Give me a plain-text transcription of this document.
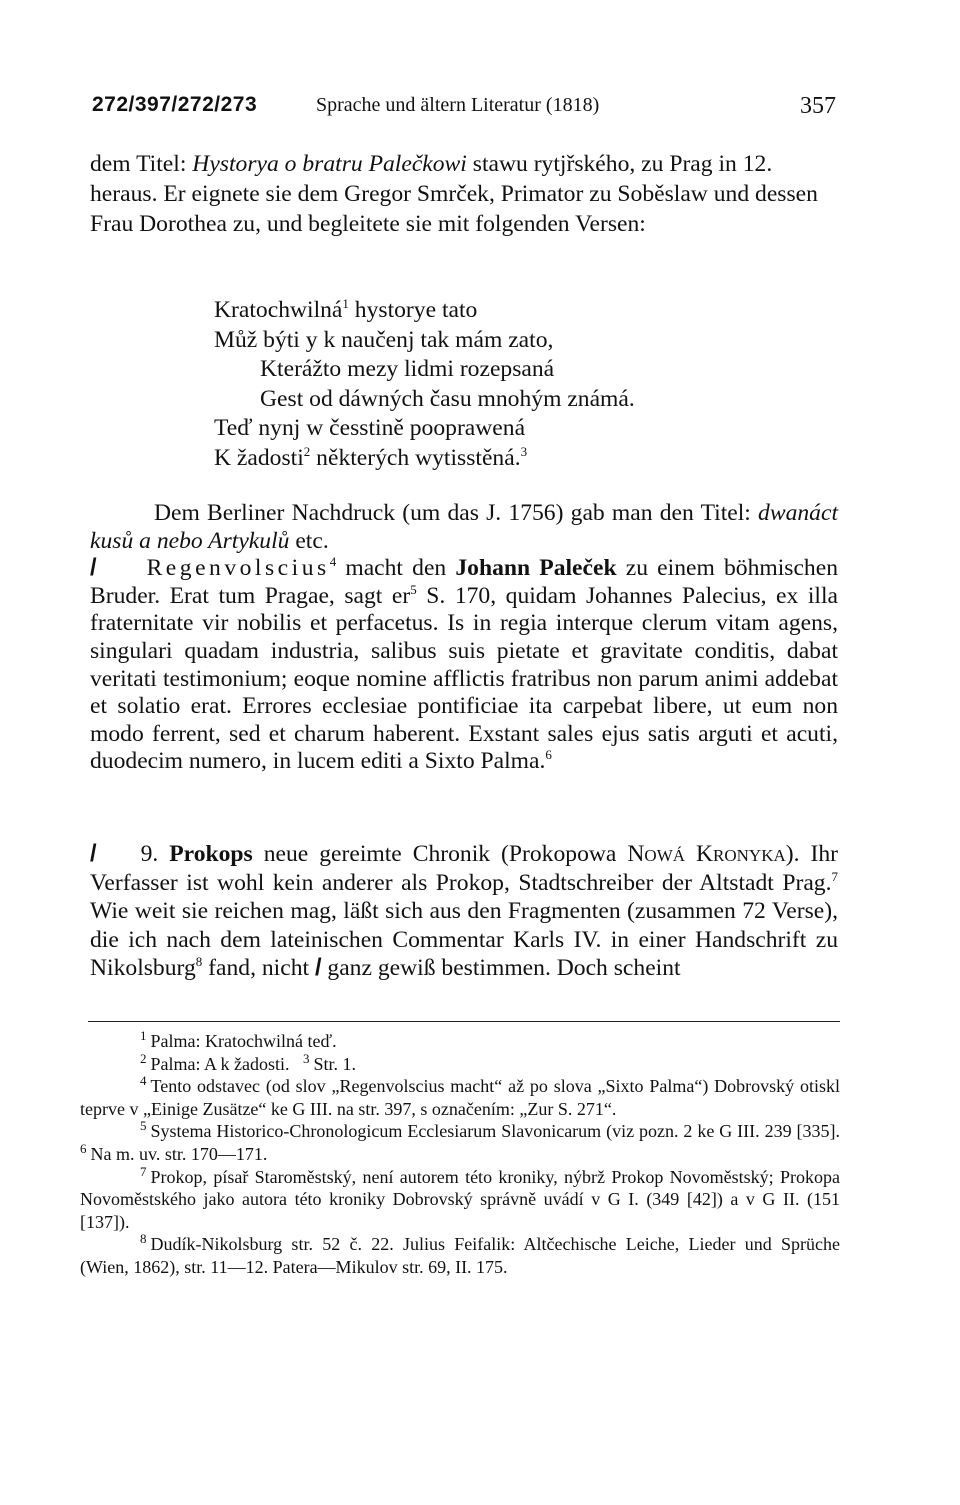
272/397/272/273	Sprache und ältern Literatur (1818)	357

dem Titel: Hystorya o bratru Palečkowi stawu rytjřského, zu Prag in 12. heraus. Er eignete sie dem Gregor Smrček, Primator zu Soběslaw und dessen Frau Dorothea zu, und begleitete sie mit folgenden Versen:

Kratochwilná$^1$ hystorye tato
Můž býti y k naučenj tak mám zato,
Kterážto mezy lidmi rozepsaná
Gest od dáwných času mnohým známá.
Teď nynj w česstině pooprawená
K žadosti$^2$ některých wytisstěná.$^3$

Dem Berliner Nachdruck (um das J. 1756) gab man den Titel: dwanáct kusů a nebo Artykulů etc.

/ Regenvolscius$^4$ macht den Johann Paleček zu einem böhmischen Bruder. Erat tum Pragae, sagt $er^5$ S. 170, quidam Johannes Palecius, ex illa fraternitate vir nobilis et perfacetus. Is in regia interque clerum vitam agens, singulari quadam industria, salibus suis pietate et gravitate conditis, dabat veritati testimonium; eoque nomine afflictis fratribus non parum animi addebat et solatio erat. Errores ecclesiae pontificiae ita carpebat libere, ut eum non modo ferrent, sed et charum haberent. Exstant sales ejus satis arguti et acuti, duodecim numero, in lucem editi a Sixto Palma.$^6$

/ 9. Prokops neue gereimte Chronik (Prokopowa Nowá Kronyka). Ihr Verfasser ist wohl kein anderer als Prokop, Stadtschreiber der Altstadt Prag.$^7$ Wie weit sie reichen mag, läßt sich aus den Fragmenten (zusammen 72 Verse), die ich nach dem lateinischen Commentar Karls IV. in einer Handschrift zu Nikolsburg$^8$ fand, nicht / ganz gewiß bestimmen. Doch scheint

$^1$ Palma: Kratochwilná teď.

$^2$ Palma: A k žadosti. $^3$ Str. 1.

$^4$ Tento odstavec (od slov „Regenvolscius macht“ až po slova „Sixto Palma“) Dobrovský otiskl teprve v „Einige Zusätze“ ke G III. na str. 397, s označením: „Zur S. 271“.

$^5$ Systema Historico-Chronologicum Ecclesiarum Slavonicarum (viz pozn. 2 ke G III. 239 [335]. $^6$ Na m. uv. str. 170—171.

$^7$ Prokop, písař Staroměstský, není autorem této kroniky, nýbrž Prokop Novoměstský; Prokopa Novoměstského jako autora této kroniky Dobrovský správně uvádí v G I. (349 [42]) a v G II. (151 [137]).

$^8$ Dudík-Nikolsburg str. 52 č. 22. Julius Feifalik: Altčechische Leiche, Lieder und Sprüche (Wien, 1862), str. 11—12. Patera—Mikulov str. 69, II. 175.
